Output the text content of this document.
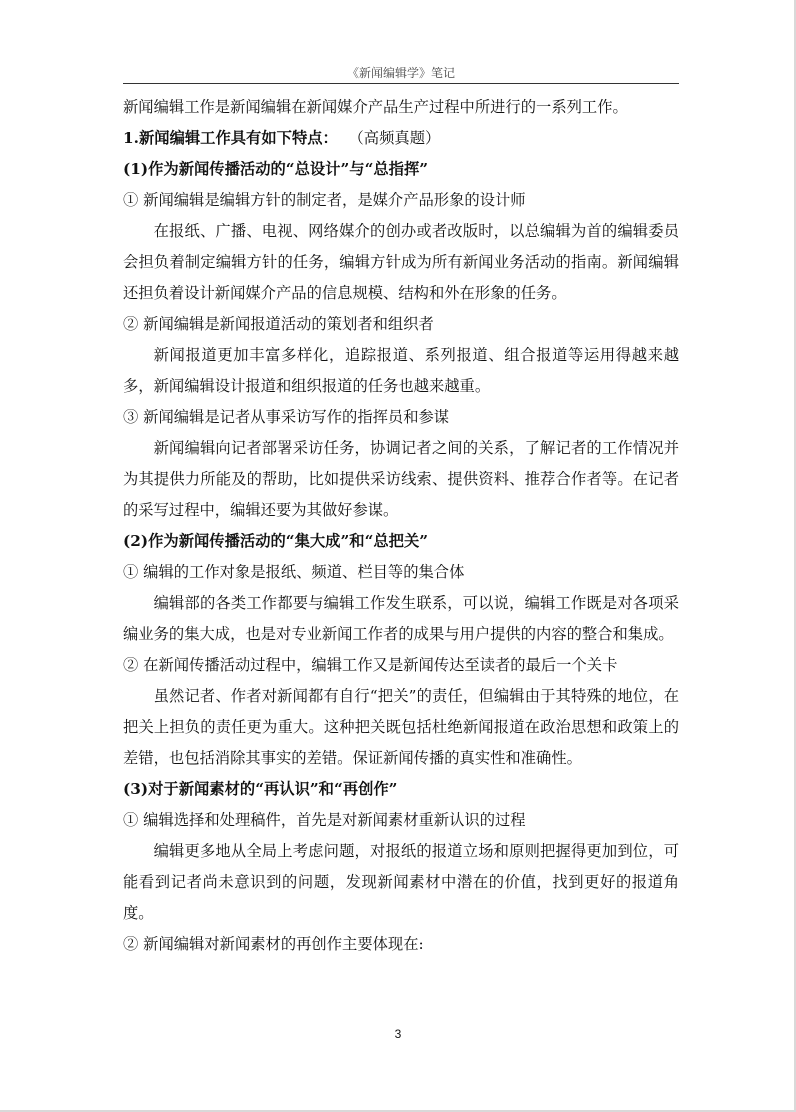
《新闻编辑学》笔记

新闻编辑工作是新闻编辑在新闻媒介产品生产过程中所进行的一系列工作。

1.新闻编辑工作具有如下特点： （高频真题）

(1)作为新闻传播活动的“总设计”与“总指挥”

① 新闻编辑是编辑方针的制定者，是媒介产品形象的设计师

在报纸、广播、电视、网络媒介的创办或者改版时，以总编辑为首的编辑委员会担负着制定编辑方针的任务，编辑方针成为所有新闻业务活动的指南。新闻编辑还担负着设计新闻媒介产品的信息规模、结构和外在形象的任务。

② 新闻编辑是新闻报道活动的策划者和组织者

新闻报道更加丰富多样化，追踪报道、系列报道、组合报道等运用得越来越多，新闻编辑设计报道和组织报道的任务也越来越重。

③ 新闻编辑是记者从事采访写作的指挥员和参谋

新闻编辑向记者部署采访任务，协调记者之间的关系，了解记者的工作情况并为其提供力所能及的帮助，比如提供采访线索、提供资料、推荐合作者等。在记者的采写过程中，编辑还要为其做好参谋。

(2)作为新闻传播活动的“集大成”和“总把关”

① 编辑的工作对象是报纸、频道、栏目等的集合体

编辑部的各类工作都要与编辑工作发生联系，可以说，编辑工作既是对各项采编业务的集大成，也是对专业新闻工作者的成果与用户提供的内容的整合和集成。

② 在新闻传播活动过程中，编辑工作又是新闻传达至读者的最后一个关卡

虽然记者、作者对新闻都有自行“把关”的责任，但编辑由于其特殊的地位，在把关上担负的责任更为重大。这种把关既包括杜绝新闻报道在政治思想和政策上的差错，也包括消除其事实的差错。保证新闻传播的真实性和准确性。

(3)对于新闻素材的“再认识”和“再创作”

① 编辑选择和处理稿件，首先是对新闻素材重新认识的过程

编辑更多地从全局上考虑问题，对报纸的报道立场和原则把握得更加到位，可能看到记者尚未意识到的问题，发现新闻素材中潜在的价值，找到更好的报道角度。

② 新闻编辑对新闻素材的再创作主要体现在:

3
